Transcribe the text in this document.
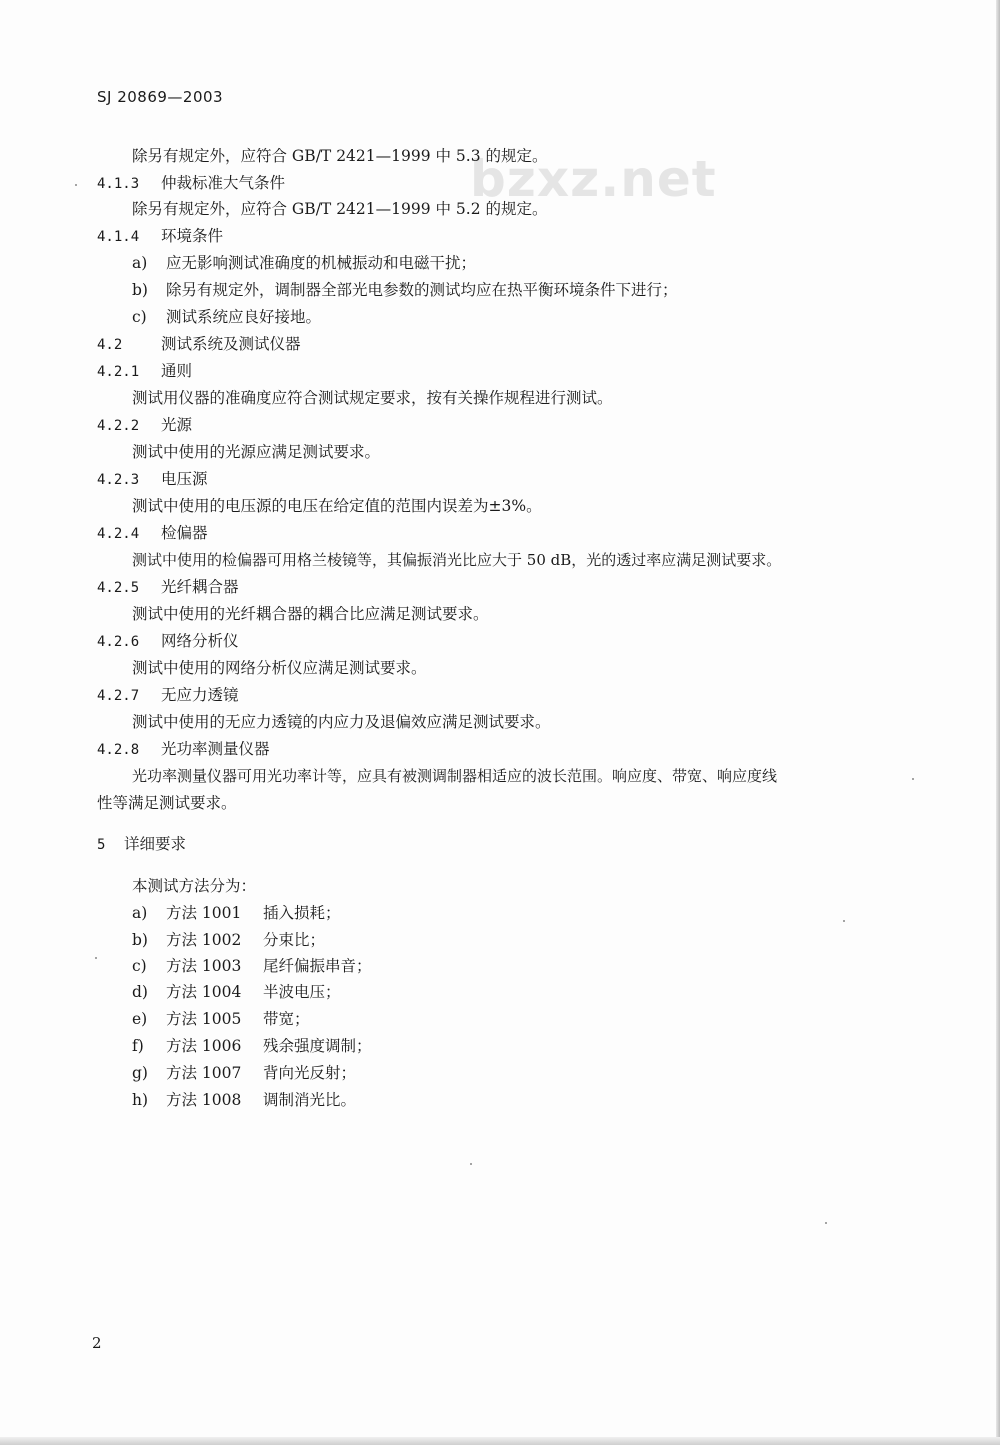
bzxz.net
SJ 20869—2003
除另有规定外，应符合 GB/T 2421—1999 中 5.3 的规定。
4.1.3 仲裁标准大气条件
除另有规定外，应符合 GB/T 2421—1999 中 5.2 的规定。
4.1.4 环境条件
a) 应无影响测试准确度的机械振动和电磁干扰；
b) 除另有规定外，调制器全部光电参数的测试均应在热平衡环境条件下进行；
c) 测试系统应良好接地。
4.2 测试系统及测试仪器
4.2.1 通则
测试用仪器的准确度应符合测试规定要求，按有关操作规程进行测试。
4.2.2 光源
测试中使用的光源应满足测试要求。
4.2.3 电压源
测试中使用的电压源的电压在给定值的范围内误差为±3%。
4.2.4 检偏器
测试中使用的检偏器可用格兰棱镜等，其偏振消光比应大于 50 dB，光的透过率应满足测试要求。
4.2.5 光纤耦合器
测试中使用的光纤耦合器的耦合比应满足测试要求。
4.2.6 网络分析仪
测试中使用的网络分析仪应满足测试要求。
4.2.7 无应力透镜
测试中使用的无应力透镜的内应力及退偏效应满足测试要求。
4.2.8 光功率测量仪器
光功率测量仪器可用光功率计等，应具有被测调制器相适应的波长范围。响应度、带宽、响应度线
性等满足测试要求。
5 详细要求
本测试方法分为：
a) 方法 1001 插入损耗；
b) 方法 1002 分束比；
c) 方法 1003 尾纤偏振串音；
d) 方法 1004 半波电压；
e) 方法 1005 带宽；
f) 方法 1006 残余强度调制；
g) 方法 1007 背向光反射；
h) 方法 1008 调制消光比。
2
